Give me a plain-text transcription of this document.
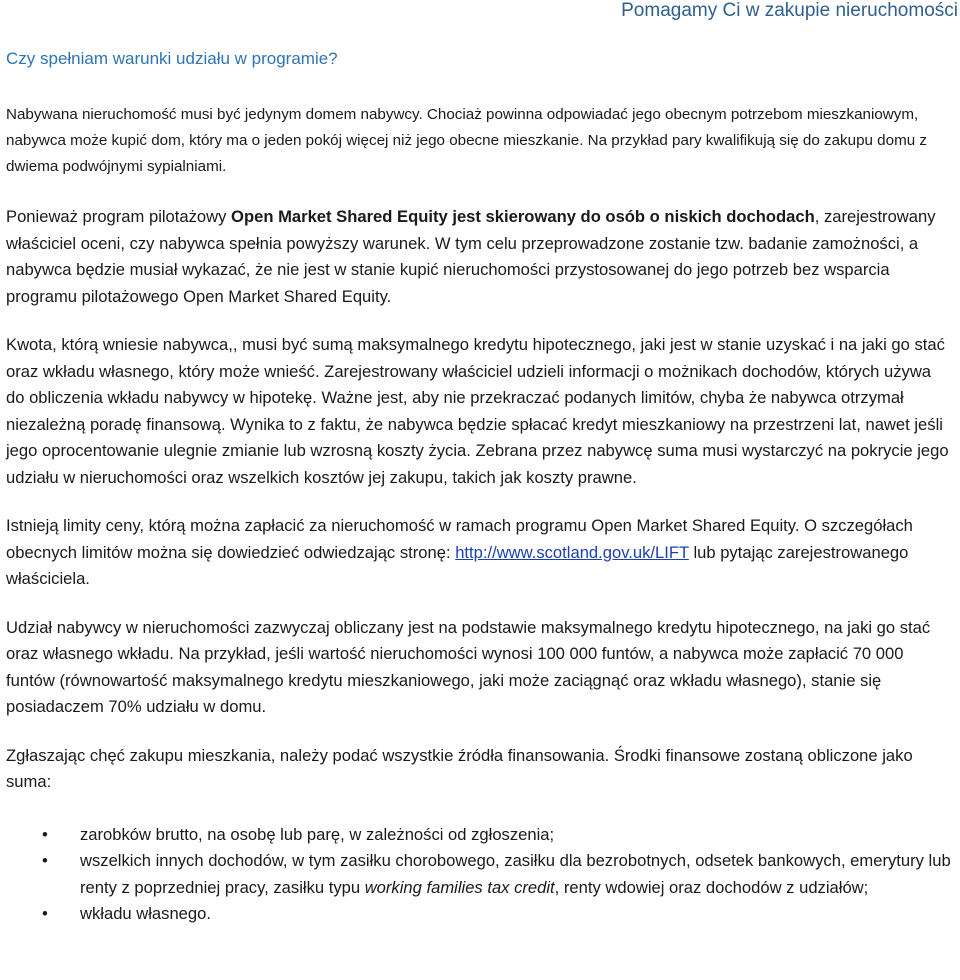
Pomagamy Ci w zakupie nieruchomości
Czy spełniam warunki udziału w programie?

Nabywana nieruchomość musi być jedynym domem nabywcy. Chociaż powinna odpowiadać jego obecnym potrzebom mieszkaniowym, nabywca może kupić dom, który ma o jeden pokój więcej niż jego obecne mieszkanie. Na przykład pary kwalifikują się do zakupu domu z dwiema podwójnymi sypialniami.

Ponieważ program pilotażowy Open Market Shared Equity jest skierowany do osób o niskich dochodach, zarejestrowany właściciel oceni, czy nabywca spełnia powyższy warunek. W tym celu przeprowadzone zostanie tzw. badanie zamożności, a nabywca będzie musiał wykazać, że nie jest w stanie kupić nieruchomości przystosowanej do jego potrzeb bez wsparcia programu pilotażowego Open Market Shared Equity.

Kwota, którą wniesie nabywca,, musi być sumą maksymalnego kredytu hipotecznego, jaki jest w stanie uzyskać i na jaki go stać oraz wkładu własnego, który może wnieść. Zarejestrowany właściciel udzieli informacji o możnikach dochodów, których używa do obliczenia wkładu nabywcy w hipotekę. Ważne jest, aby nie przekraczać podanych limitów, chyba że nabywca otrzymał niezależną poradę finansową. Wynika to z faktu, że nabywca będzie spłacać kredyt mieszkaniowy na przestrzeni lat, nawet jeśli jego oprocentowanie ulegnie zmianie lub wzrosną koszty życia. Zebrana przez nabywcę suma musi wystarczyć na pokrycie jego udziału w nieruchomości oraz wszelkich kosztów jej zakupu, takich jak koszty prawne.

Istnieją limity ceny, którą można zapłacić za nieruchomość w ramach programu Open Market Shared Equity. O szczegółach obecnych limitów można się dowiedzieć odwiedzając stronę: http://www.scotland.gov.uk/LIFT lub pytając zarejestrowanego właściciela.

Udział nabywcy w nieruchomości zazwyczaj obliczany jest na podstawie maksymalnego kredytu hipotecznego, na jaki go stać oraz własnego wkładu. Na przykład, jeśli wartość nieruchomości wynosi 100 000 funtów, a nabywca może zapłacić 70 000 funtów (równowartość maksymalnego kredytu mieszkaniowego, jaki może zaciągnąć oraz wkładu własnego), stanie się posiadaczem 70% udziału w domu.

Zgłaszając chęć zakupu mieszkania, należy podać wszystkie źródła finansowania. Środki finansowe zostaną obliczone jako suma:

• zarobków brutto, na osobę lub parę, w zależności od zgłoszenia;
• wszelkich innych dochodów, w tym zasiłku chorobowego, zasiłku dla bezrobotnych, odsetek bankowych, emerytury lub renty z poprzedniej pracy, zasiłku typu working families tax credit, renty wdowiej oraz dochodów z udziałów;
• wkładu własnego.
